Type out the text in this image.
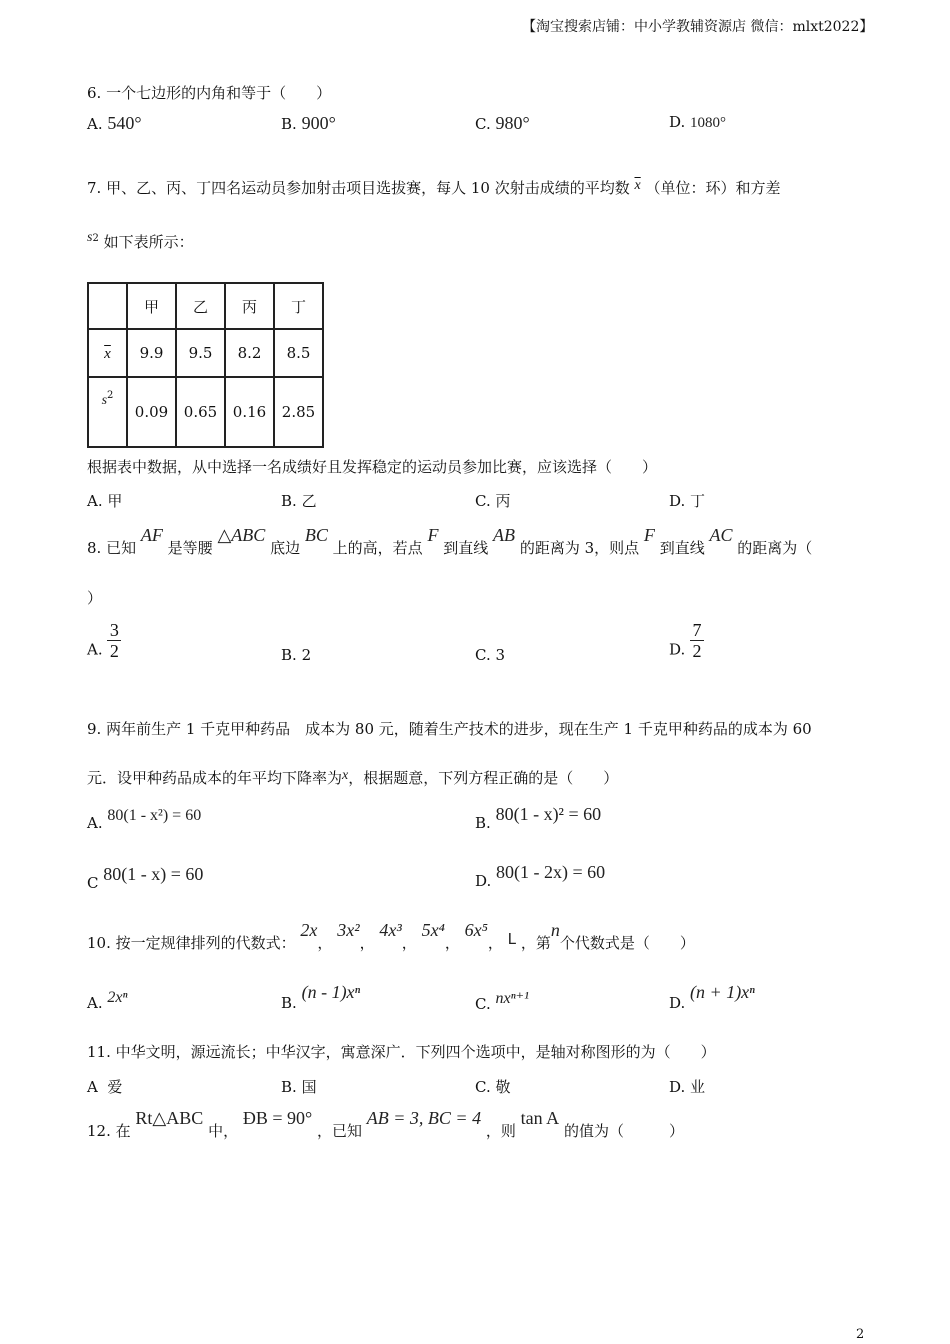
【淘宝搜索店铺：中小学教辅资源店 微信：mlxt2022】
6. 一个七边形的内角和等于（　　）
A. 540°	B. 900°	C. 980°	D. 1080°
7. 甲、乙、丙、丁四名运动员参加射击项目选拔赛，每人 10 次射击成绩的平均数 $\overline{x}$ （单位：环）和方差
$s^2$ 如下表所示：
	甲	乙	丙	丁
$\overline{x}$	9.9	9.5	8.2	8.5
$s^2$	0.09	0.65	0.16	2.85
根据表中数据，从中选择一名成绩好且发挥稳定的运动员参加比赛，应该选择（　　）
A. 甲	B. 乙	C. 丙	D. 丁
8. 已知 AF 是等腰 △ABC 底边 BC 上的高，若点 F 到直线 AB 的距离为 3，则点 F 到直线 AC 的距离为（
）
A. $\frac{3}{2}$	B. 2	C. 3	D. $\frac{7}{2}$
9. 两年前生产 1 千克甲种药品　成本为 80 元，随着生产技术的进步，现在生产 1 千克甲种药品的成本为 60
元．设甲种药品成本的年平均下降率为x，根据题意，下列方程正确的是（　　）
A. 80(1 - x²) = 60	B. 80(1 - x)² = 60
C 80(1 - x) = 60	D. 80(1 - 2x) = 60
10. 按一定规律排列的代数式： 2x， 3x²， 4x³， 5x⁴， 6x⁵， L ，第n个代数式是（　　）
A. 2xⁿ	B. (n - 1)xⁿ
C. nxⁿ⁺¹	D. (n + 1)xⁿ
11. 中华文明，源远流长；中华汉字，寓意深广．下列四个选项中，是轴对称图形的为（　　）
A 爱	B. 国	C. 敬	D. 业
12. 在 Rt△ABC 中， ÐB = 90° ，已知 AB = 3, BC = 4 ，则 tan A 的值为（　　　）
2
